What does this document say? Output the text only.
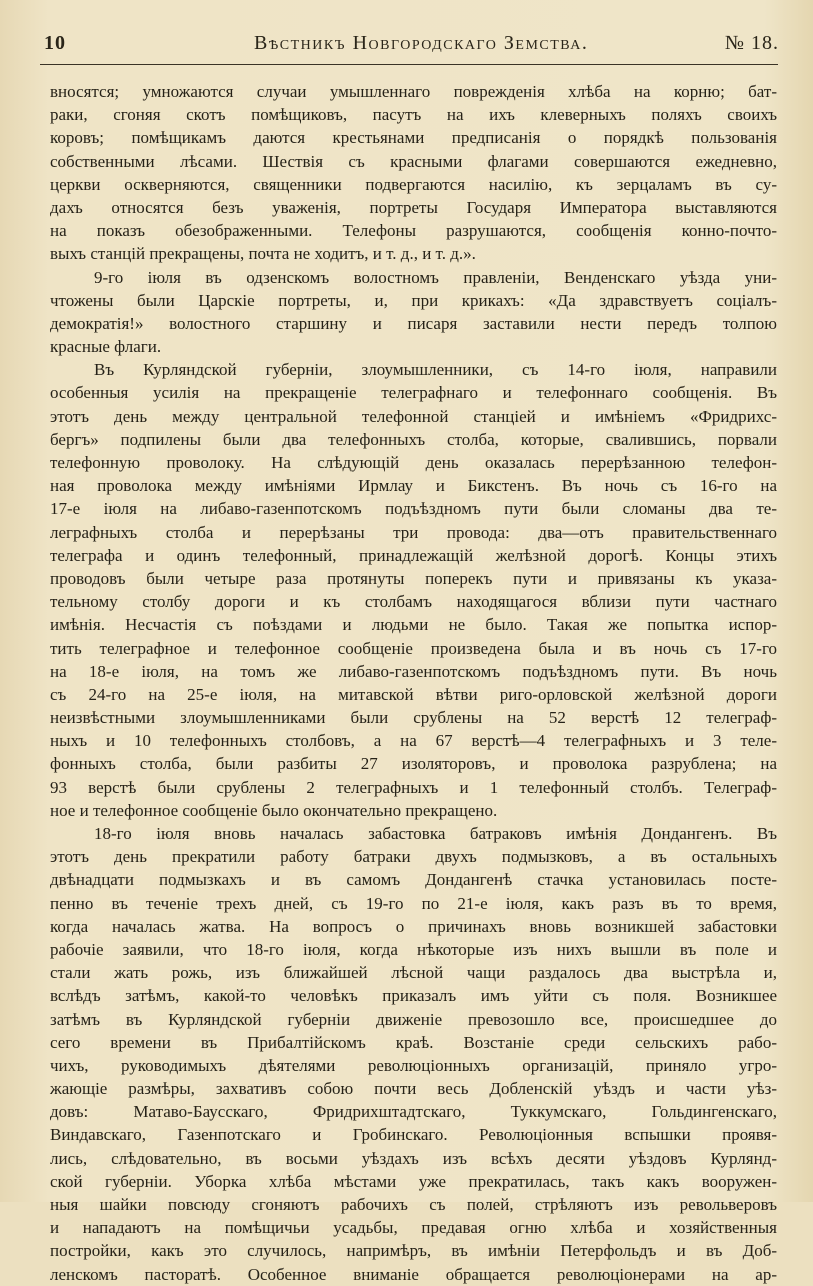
10	Вѣстникъ Новгородскаго Земства.	№ 18.
вносятся; умножаются случаи умышленнаго поврежденія хлѣба на корню; бат-
раки, сгоняя скотъ помѣщиковъ, пасутъ на ихъ клеверныхъ поляхъ своихъ
коровъ; помѣщикамъ даются крестьянами предписанія о порядкѣ пользованія
собственными лѣсами. Шествія съ красными флагами совершаются ежедневно,
церкви оскверняются, священники подвергаются насилію, къ зерцаламъ въ су-
дахъ относятся безъ уваженія, портреты Государя Императора выставляются
на показъ обезображенными. Телефоны разрушаются, сообщенія конно-почто-
выхъ станцій прекращены, почта не ходитъ, и т. д., и т. д.».
9-го іюля въ одзенскомъ волостномъ правленіи, Венденскаго уѣзда уни-
чтожены были Царскіе портреты, и, при крикахъ: «Да здравствуетъ соціалъ-
демократія!» волостного старшину и писаря заставили нести передъ толпою
красные флаги.
Въ Курляндской губерніи, злоумышленники, съ 14-го іюля, направили
особенныя усилія на прекращеніе телеграфнаго и телефоннаго сообщенія. Въ
этотъ день между центральной телефонной станціей и имѣніемъ «Фридрихс-
бергъ» подпилены были два телефонныхъ столба, которые, свалившись, порвали
телефонную проволоку. На слѣдующій день оказалась перерѣзанною телефон-
ная проволока между имѣніями Ирмлау и Бикстенъ. Въ ночь съ 16-го на
17-е іюля на либаво-газенпотскомъ подъѣздномъ пути были сломаны два те-
леграфныхъ столба и перерѣзаны три провода: два—отъ правительственнаго
телеграфа и одинъ телефонный, принадлежащій желѣзной дорогѣ. Концы этихъ
проводовъ были четыре раза протянуты поперекъ пути и привязаны къ указа-
тельному столбу дороги и къ столбамъ находящагося вблизи пути частнаго
имѣнія. Несчастія съ поѣздами и людьми не было. Такая же попытка испор-
тить телеграфное и телефонное сообщеніе произведена была и въ ночь съ 17-го
на 18-е іюля, на томъ же либаво-газенпотскомъ подъѣздномъ пути. Въ ночь
съ 24-го на 25-е іюля, на митавской вѣтви риго-орловской желѣзной дороги
неизвѣстными злоумышленниками были срублены на 52 верстѣ 12 телеграф-
ныхъ и 10 телефонныхъ столбовъ, а на 67 верстѣ—4 телеграфныхъ и 3 теле-
фонныхъ столба, были разбиты 27 изоляторовъ, и проволока разрублена; на
93 верстѣ были срублены 2 телеграфныхъ и 1 телефонный столбъ. Телеграф-
ное и телефонное сообщеніе было окончательно прекращено.
18-го іюля вновь началась забастовка батраковъ имѣнія Дондангенъ. Въ
этотъ день прекратили работу батраки двухъ подмызковъ, а въ остальныхъ
двѣнадцати подмызкахъ и въ самомъ Дондангенѣ стачка установилась посте-
пенно въ теченіе трехъ дней, съ 19-го по 21-е іюля, какъ разъ въ то время,
когда началась жатва. На вопросъ о причинахъ вновь возникшей забастовки
рабочіе заявили, что 18-го іюля, когда нѣкоторые изъ нихъ вышли въ поле и
стали жать рожь, изъ ближайшей лѣсной чащи раздалось два выстрѣла и,
вслѣдъ затѣмъ, какой-то человѣкъ приказалъ имъ уйти съ поля. Возникшее
затѣмъ въ Курляндской губерніи движеніе превозошло все, происшедшее до
сего времени въ Прибалтійскомъ краѣ. Возстаніе среди сельскихъ рабо-
чихъ, руководимыхъ дѣятелями революціонныхъ организацій, приняло угро-
жающіе размѣры, захвативъ собою почти весь Добленскій уѣздъ и части уѣз-
довъ: Матаво-Баусскаго, Фридрихштадтскаго, Туккумскаго, Гольдингенскаго,
Виндавскаго, Газенпотскаго и Гробинскаго. Революціонныя вспышки проявя-
лись, слѣдовательно, въ восьми уѣздахъ изъ всѣхъ десяти уѣздовъ Курлянд-
ской губерніи. Уборка хлѣба мѣстами уже прекратилась, такъ какъ вооружен-
ныя шайки повсюду сгоняютъ рабочихъ съ полей, стрѣляютъ изъ револьверовъ
и нападаютъ на помѣщичьи усадьбы, предавая огню хлѣба и хозяйственныя
постройки, какъ это случилось, напримѣръ, въ имѣніи Петерфольдъ и въ Доб-
ленскомъ пасторатѣ. Особенное вниманіе обращается революціонерами на ар-
